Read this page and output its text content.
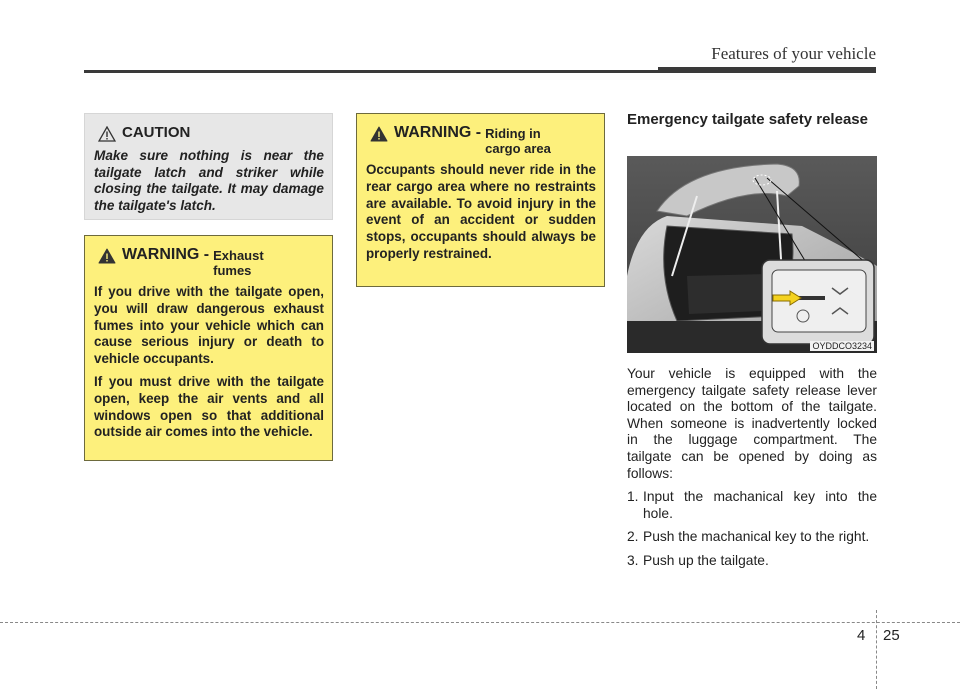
Features of your vehicle
CAUTION

Make sure nothing is near the tailgate latch and striker while closing the tailgate. It may damage the tailgate's latch.

WARNING - Exhaust fumes

If you drive with the tailgate open, you will draw dangerous exhaust fumes into your vehicle which can cause serious injury or death to vehicle occupants.

If you must drive with the tailgate open, keep the air vents and all windows open so that additional outside air comes into the vehicle.

WARNING - Riding in cargo area

Occupants should never ride in the rear cargo area where no restraints are available. To avoid injury in the event of an accident or sudden stops, occupants should always be properly restrained.

Emergency tailgate safety release
OYDDCO3234

Your vehicle is equipped with the emergency tailgate safety release lever located on the bottom of the tailgate. When someone is inadvertently locked in the luggage compartment. The tailgate can be opened by doing as follows:

1. Input the machanical key into the hole.
2. Push the machanical key to the right.
3. Push up the tailgate.
4 25
